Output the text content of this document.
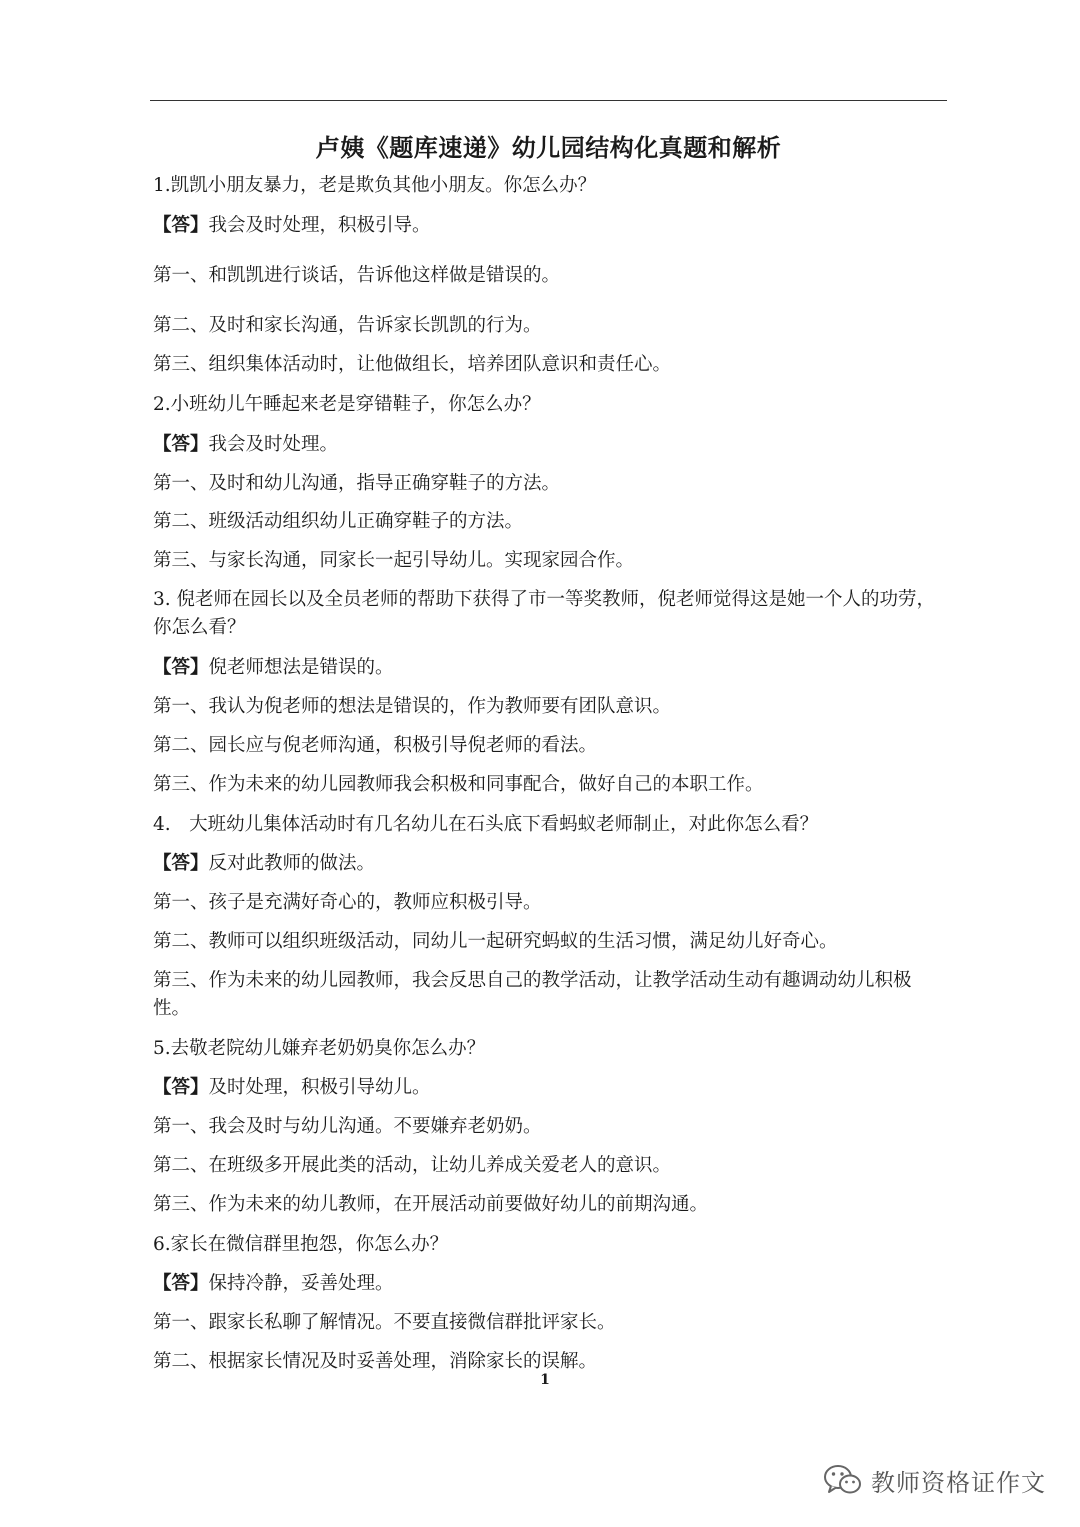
卢姨《题库速递》幼儿园结构化真题和解析

1.凯凯小朋友暴力，老是欺负其他小朋友。你怎么办？

【答】我会及时处理，积极引导。

第一、和凯凯进行谈话，告诉他这样做是错误的。

第二、及时和家长沟通，告诉家长凯凯的行为。

第三、组织集体活动时，让他做组长，培养团队意识和责任心。

2.小班幼儿午睡起来老是穿错鞋子，你怎么办？

【答】我会及时处理。

第一、及时和幼儿沟通，指导正确穿鞋子的方法。

第二、班级活动组织幼儿正确穿鞋子的方法。

第三、与家长沟通，同家长一起引导幼儿。实现家园合作。

3. 倪老师在园长以及全员老师的帮助下获得了市一等奖教师，倪老师觉得这是她一个人的功劳，你怎么看？

【答】倪老师想法是错误的。

第一、我认为倪老师的想法是错误的，作为教师要有团队意识。

第二、园长应与倪老师沟通，积极引导倪老师的看法。

第三、作为未来的幼儿园教师我会积极和同事配合，做好自己的本职工作。

4.　大班幼儿集体活动时有几名幼儿在石头底下看蚂蚁老师制止，对此你怎么看？

【答】反对此教师的做法。

第一、孩子是充满好奇心的，教师应积极引导。

第二、教师可以组织班级活动，同幼儿一起研究蚂蚁的生活习惯，满足幼儿好奇心。

第三、作为未来的幼儿园教师，我会反思自己的教学活动，让教学活动生动有趣调动幼儿积极性。

5.去敬老院幼儿嫌弃老奶奶臭你怎么办？

【答】及时处理，积极引导幼儿。

第一、我会及时与幼儿沟通。不要嫌弃老奶奶。

第二、在班级多开展此类的活动，让幼儿养成关爱老人的意识。

第三、作为未来的幼儿教师，在开展活动前要做好幼儿的前期沟通。

6.家长在微信群里抱怨，你怎么办？

【答】保持冷静，妥善处理。

第一、跟家长私聊了解情况。不要直接微信群批评家长。

第二、根据家长情况及时妥善处理，消除家长的误解。

1
教师资格证作文
